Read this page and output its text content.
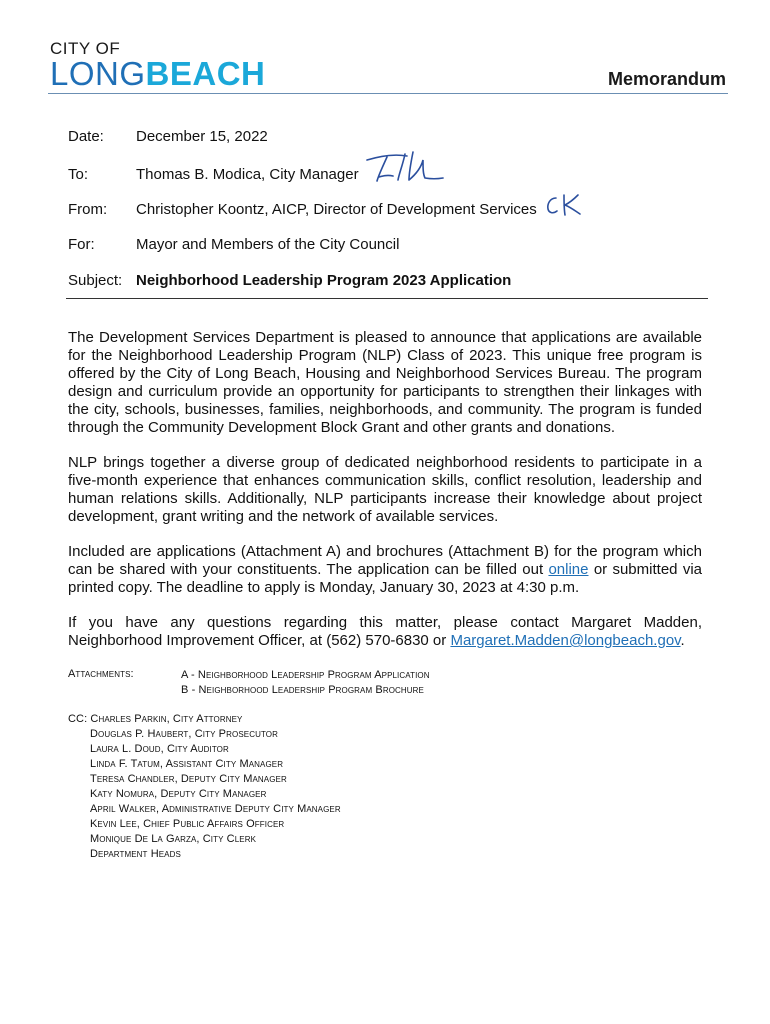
CITY OF
LONGBEACH	Memorandum
Date: December 15, 2022
To:	Thomas B. Modica, City Manager
From: Christopher Koontz, AICP, Director of Development Services
For:	Mayor and Members of the City Council
Subject: Neighborhood Leadership Program 2023 Application

The Development Services Department is pleased to announce that applications are available for the Neighborhood Leadership Program (NLP) Class of 2023. This unique free program is offered by the City of Long Beach, Housing and Neighborhood Services Bureau. The program design and curriculum provide an opportunity for participants to strengthen their linkages with the city, schools, businesses, families, neighborhoods, and community. The program is funded through the Community Development Block Grant and other grants and donations.

NLP brings together a diverse group of dedicated neighborhood residents to participate in a five-month experience that enhances communication skills, conflict resolution, leadership and human relations skills. Additionally, NLP participants increase their knowledge about project development, grant writing and the network of available services.

Included are applications (Attachment A) and brochures (Attachment B) for the program which can be shared with your constituents. The application can be filled out online or submitted via printed copy. The deadline to apply is Monday, January 30, 2023 at 4:30 p.m.

If you have any questions regarding this matter, please contact Margaret Madden, Neighborhood Improvement Officer, at (562) 570-6830 or Margaret.Madden@longbeach.gov.

Attachments:	A - Neighborhood Leadership Program Application
B - Neighborhood Leadership Program Brochure
CC: Charles Parkin, City Attorney
Douglas P. Haubert, City Prosecutor
Laura L. Doud, City Auditor
Linda F. Tatum, Assistant City Manager
Teresa Chandler, Deputy City Manager
Katy Nomura, Deputy City Manager
April Walker, Administrative Deputy City Manager
Kevin Lee, Chief Public Affairs Officer
Monique De La Garza, City Clerk
Department Heads
